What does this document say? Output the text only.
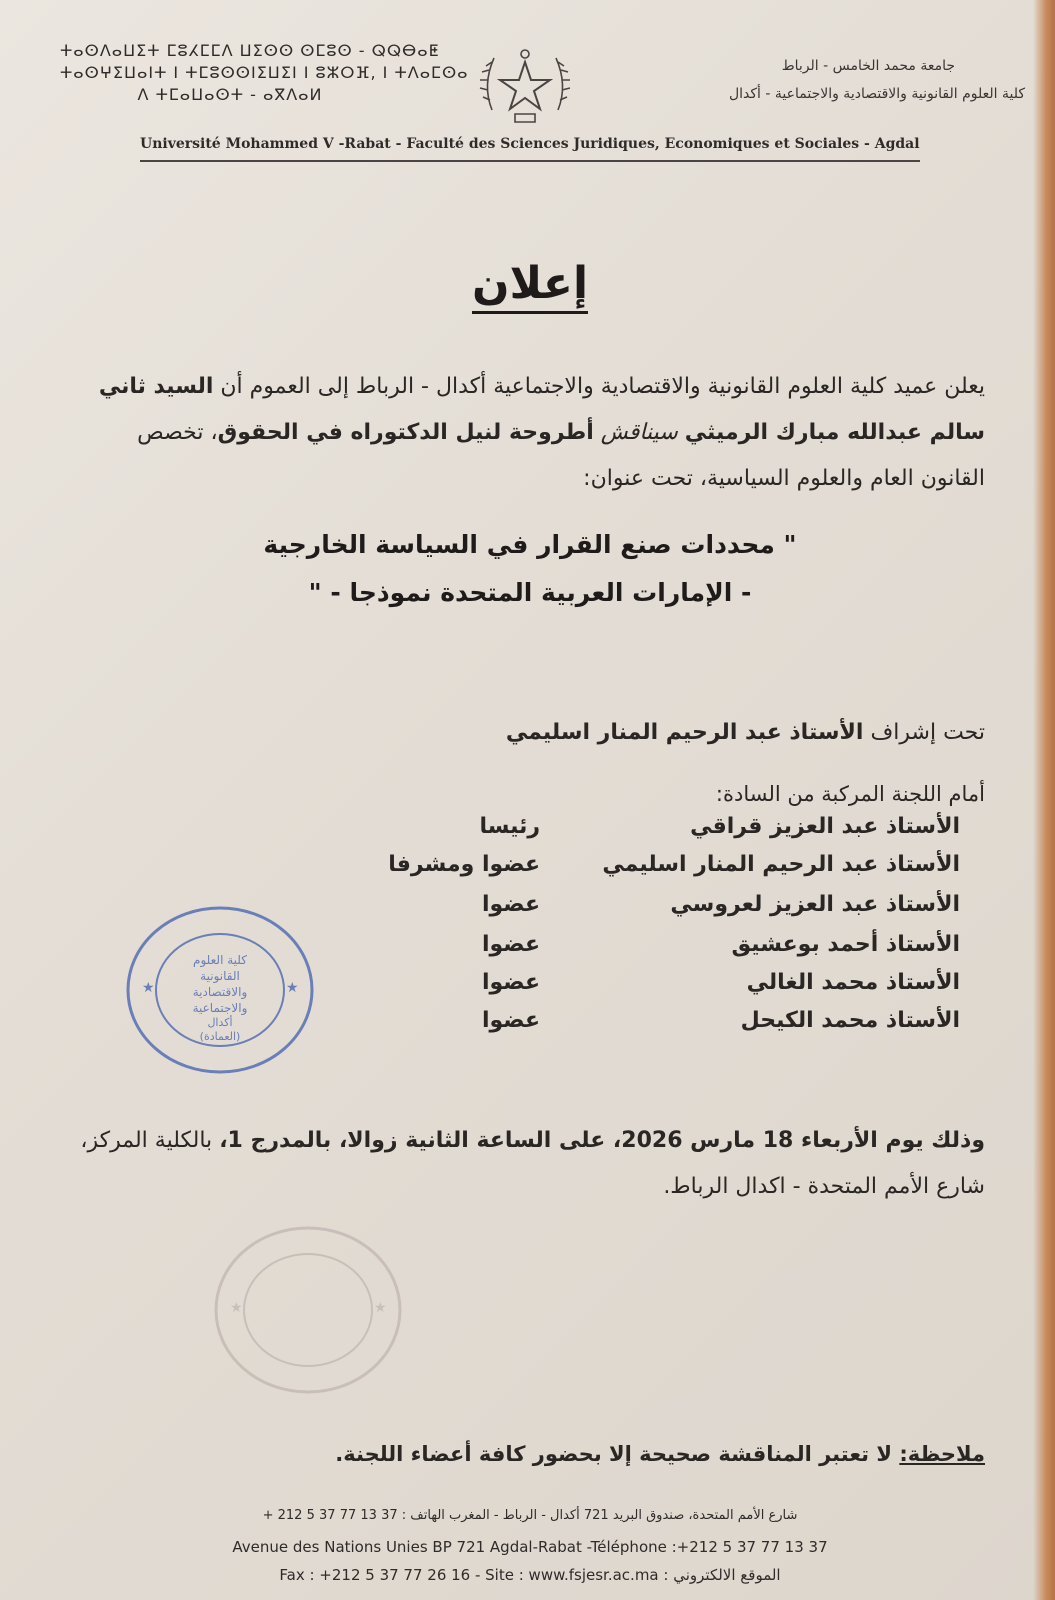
ⵜⴰⵙⴷⴰⵡⵉⵜ ⵎⵓⵃⵎⵎⴷ ⵡⵉⵙⵙ ⵙⵎⵓⵙ - ⵕⵕⴱⴰⵟ
ⵜⴰⵙⵖⵉⵡⴰⵏⵜ ⵏ ⵜⵎⵓⵙⵙⵏⵉⵡⵉⵏ ⵏ ⵓⵣⵔⴼ, ⵏ ⵜⴷⴰⵎⵙⴰ
ⴷ ⵜⵎⴰⵡⴰⵙⵜ - ⴰⴳⴷⴰⵍ
جامعة محمد الخامس - الرباط
كلية العلوم القانونية والاقتصادية والاجتماعية - أكدال
Université Mohammed V -Rabat - Faculté des Sciences Juridiques, Economiques et Sociales - Agdal
إعلان
يعلن عميد كلية العلوم القانونية والاقتصادية والاجتماعية أكدال - الرباط إلى العموم أن السيد ثاني سالم عبدالله مبارك الرميثي سيناقش أطروحة لنيل الدكتوراه في الحقوق، تخصص القانون العام والعلوم السياسية، تحت عنوان:
" محددات صنع القرار في السياسة الخارجية
- الإمارات العربية المتحدة نموذجا - "
تحت إشراف الأستاذ عبد الرحيم المنار اسليمي
أمام اللجنة المركبة من السادة:
الأستاذ عبد العزيز قراقي
رئيسا
الأستاذ عبد الرحيم المنار اسليمي
عضوا ومشرفا
الأستاذ عبد العزيز لعروسي
عضوا
الأستاذ أحمد بوعشيق
عضوا
الأستاذ محمد الغالي
عضوا
الأستاذ محمد الكيحل
عضوا
كلية العلوم
القانونية
والاقتصادية
والاجتماعية
أكدال
(العمادة)
★	★
★	★
وذلك يوم الأربعاء 18 مارس 2026، على الساعة الثانية زوالا، بالمدرج 1، بالكلية المركز، شارع الأمم المتحدة - اكدال الرباط.
ملاحظة: لا تعتبر المناقشة صحيحة إلا بحضور كافة أعضاء اللجنة.
شارع الأمم المتحدة، صندوق البريد 721 أكدال - الرباط - المغرب الهاتف : 37 13 77 37 5 212 +
Avenue des Nations Unies BP 721 Agdal-Rabat -Téléphone :+212 5 37 77 13 37
Fax : +212 5 37 77 26 16 - Site : www.fsjesr.ac.ma : الموقع الالكتروني
